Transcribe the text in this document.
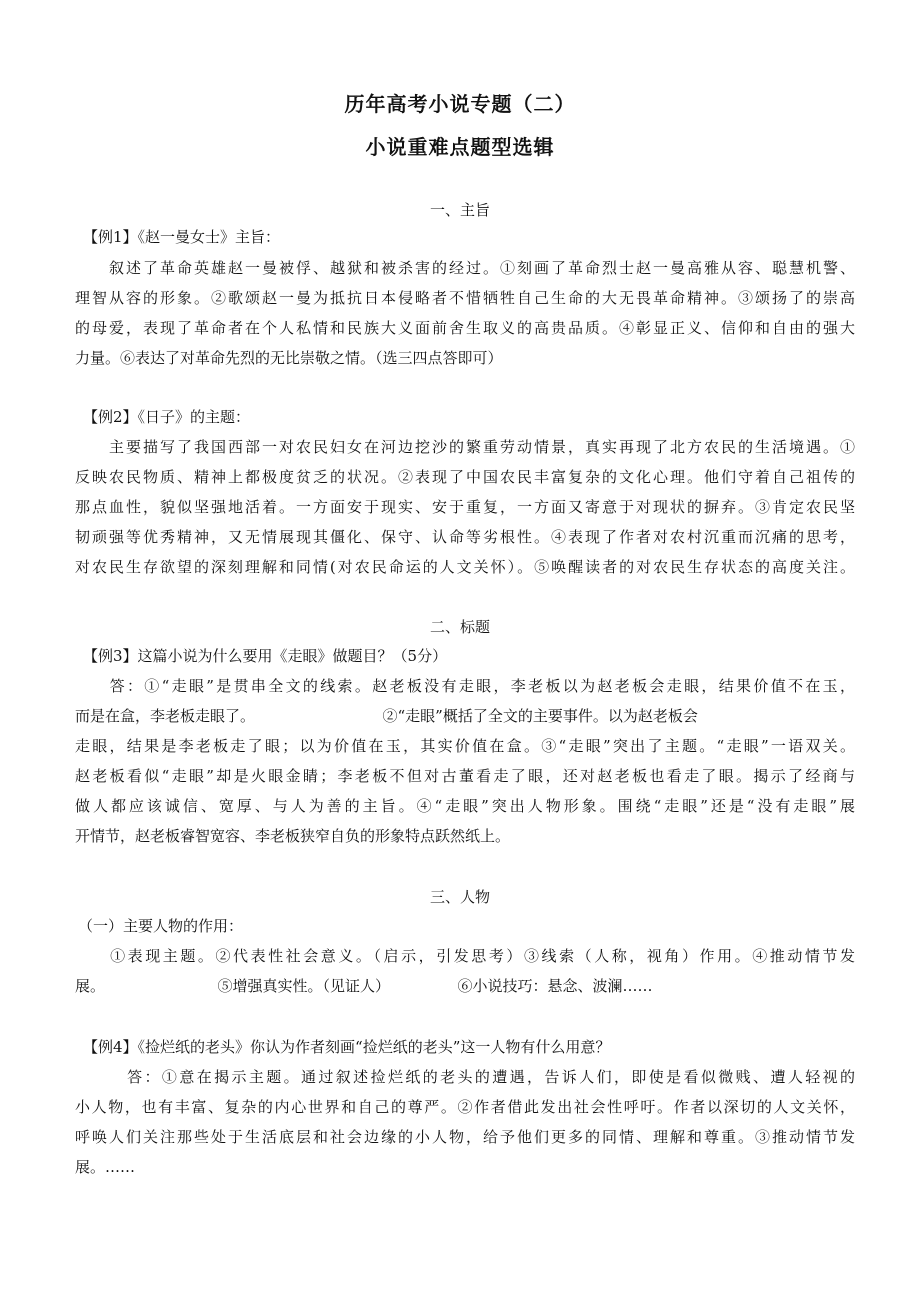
历年高考小说专题（二）
小说重难点题型选辑
一、主旨
【例1】《赵一曼女士》主旨：
　　叙述了革命英雄赵一曼被俘、越狱和被杀害的经过。①刻画了革命烈士赵一曼高雅从容、聪慧机警、
理智从容的形象。②歌颂赵一曼为抵抗日本侵略者不惜牺牲自己生命的大无畏革命精神。③颂扬了的崇高
的母爱，表现了革命者在个人私情和民族大义面前舍生取义的高贵品质。④彰显正义、信仰和自由的强大
力量。⑥表达了对革命先烈的无比崇敬之情。（选三四点答即可）
【例2】《日子》的主题：
　　主要描写了我国西部一对农民妇女在河边挖沙的繁重劳动情景，真实再现了北方农民的生活境遇。①
反映农民物质、精神上都极度贫乏的状况。②表现了中国农民丰富复杂的文化心理。他们守着自己祖传的
那点血性，貌似坚强地活着。一方面安于现实、安于重复，一方面又寄意于对现状的摒弃。③肯定农民坚
韧顽强等优秀精神，又无情展现其僵化、保守、认命等劣根性。④表现了作者对农村沉重而沉痛的思考，
对农民生存欲望的深刻理解和同情(对农民命运的人文关怀）。⑤唤醒读者的对农民生存状态的高度关注。
二、标题
【例3】这篇小说为什么要用《走眼》做题目？（5分）
　　答：①“走眼”是贯串全文的线索。赵老板没有走眼，李老板以为赵老板会走眼，结果价值不在玉，
而是在盒，李老板走眼了。　　　　　　　　　②“走眼”概括了全文的主要事件。以为赵老板会
走眼，结果是李老板走了眼；以为价值在玉，其实价值在盒。③“走眼”突出了主题。“走眼”一语双关。
赵老板看似“走眼”却是火眼金睛；李老板不但对古董看走了眼，还对赵老板也看走了眼。揭示了经商与
做人都应该诚信、宽厚、与人为善的主旨。④“走眼”突出人物形象。围绕“走眼”还是“没有走眼”展
开情节，赵老板睿智宽容、李老板狭窄自负的形象特点跃然纸上。
三、人物
（一）主要人物的作用：
　　①表现主题。②代表性社会意义。（启示，引发思考）③线索（人称，视角）作用。④推动情节发
展。　　　　　　　　⑤增强真实性。（见证人）　　　　　⑥小说技巧：悬念、波澜……
【例4】《捡烂纸的老头》你认为作者刻画“捡烂纸的老头”这一人物有什么用意？
　　　答：①意在揭示主题。通过叙述捡烂纸的老头的遭遇，告诉人们，即使是看似微贱、遭人轻视的
小人物，也有丰富、复杂的内心世界和自己的尊严。②作者借此发出社会性呼吁。作者以深切的人文关怀，
呼唤人们关注那些处于生活底层和社会边缘的小人物，给予他们更多的同情、理解和尊重。③推动情节发
展。……
